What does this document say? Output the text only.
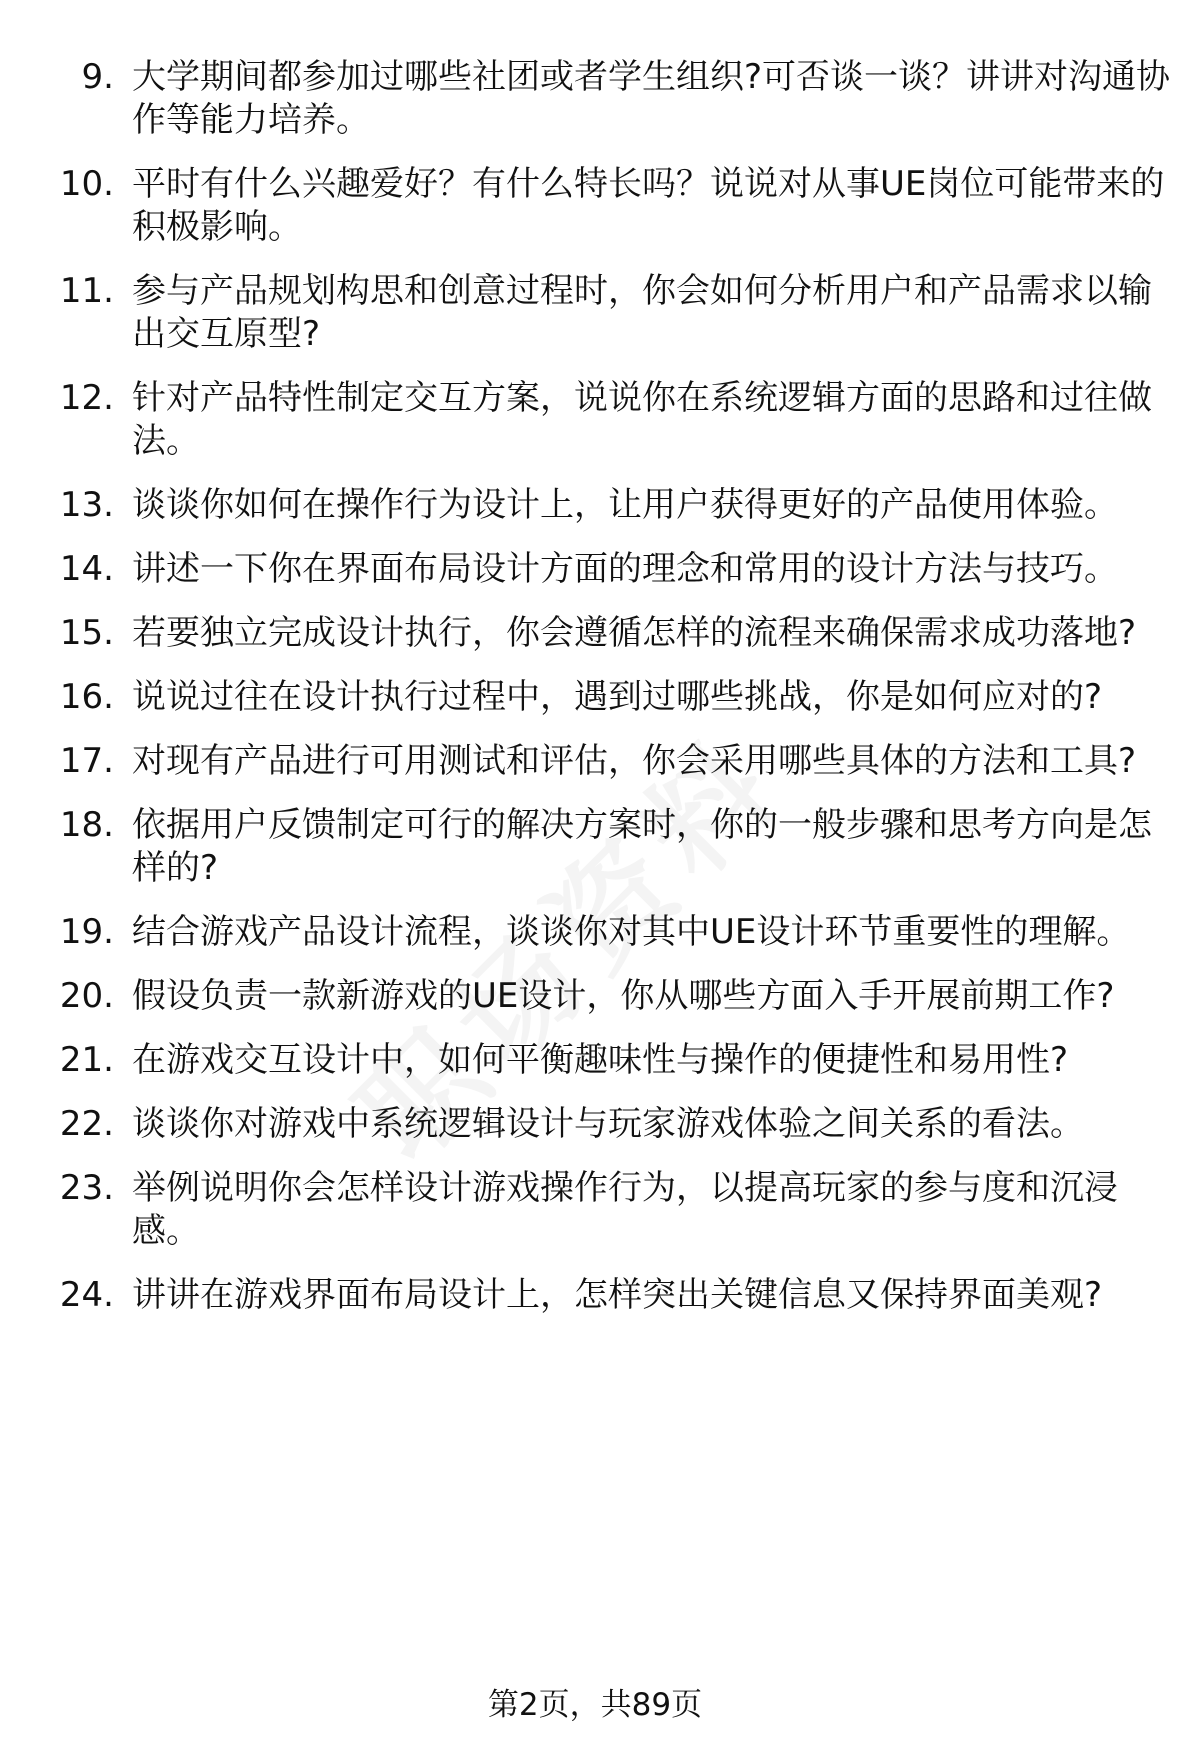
9. 大学期间都参加过哪些社团或者学生组织?可否谈一谈？讲讲对沟通协作等能力培养。
10. 平时有什么兴趣爱好？有什么特长吗？说说对从事UE岗位可能带来的积极影响。
11. 参与产品规划构思和创意过程时，你会如何分析用户和产品需求以输出交互原型?
12. 针对产品特性制定交互方案，说说你在系统逻辑方面的思路和过往做法。
13. 谈谈你如何在操作行为设计上，让用户获得更好的产品使用体验。
14. 讲述一下你在界面布局设计方面的理念和常用的设计方法与技巧。
15. 若要独立完成设计执行，你会遵循怎样的流程来确保需求成功落地?
16. 说说过往在设计执行过程中，遇到过哪些挑战，你是如何应对的?
17. 对现有产品进行可用测试和评估，你会采用哪些具体的方法和工具?
18. 依据用户反馈制定可行的解决方案时，你的一般步骤和思考方向是怎样的?
19. 结合游戏产品设计流程，谈谈你对其中UE设计环节重要性的理解。
20. 假设负责一款新游戏的UE设计，你从哪些方面入手开展前期工作?
21. 在游戏交互设计中，如何平衡趣味性与操作的便捷性和易用性?
22. 谈谈你对游戏中系统逻辑设计与玩家游戏体验之间关系的看法。
23. 举例说明你会怎样设计游戏操作行为，以提高玩家的参与度和沉浸感。
24. 讲讲在游戏界面布局设计上，怎样突出关键信息又保持界面美观?
第2页，共89页
